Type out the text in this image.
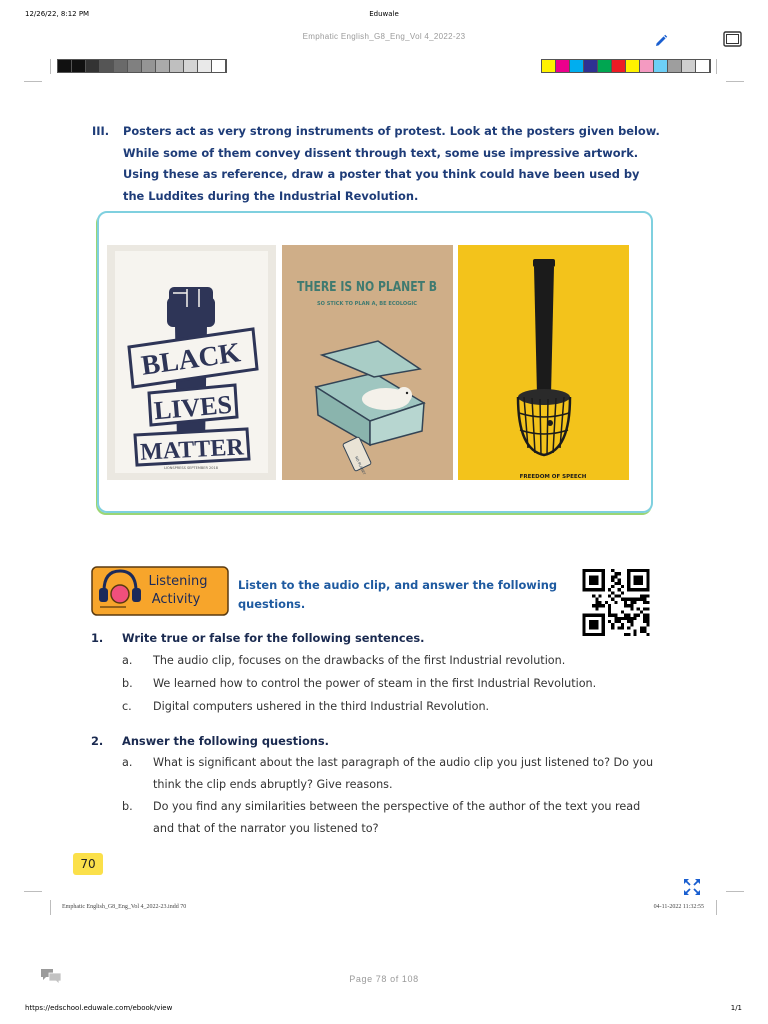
12/26/22, 8:12 PM	Eduwale
Emphatic English_G8_Eng_Vol 4_2022-23
III.	Posters act as very strong instruments of protest. Look at the posters given below. While some of them convey dissent through text, some use impressive artwork. Using these as reference, draw a poster that you think could have been used by the Luddites during the Industrial Revolution.
BLACK
LIVES
MATTER
LIONSPRESS SEPTEMBER 2018
THERE IS NO PLANET B
SO STICK TO PLAN A, BE ECOLOGIC
NO PLANET
FREEDOM OF SPEECH
Listening
Activity
Listen to the audio clip, and answer the following questions.
1. Write true or false for the following sentences.
a.	The audio clip, focuses on the drawbacks of the first Industrial revolution.
b.	We learned how to control the power of steam in the first Industrial Revolution.
c.	Digital computers ushered in the third Industrial Revolution.
2. Answer the following questions.
a.	What is significant about the last paragraph of the audio clip you just listened to? Do you think the clip ends abruptly? Give reasons.
b.	Do you find any similarities between the perspective of the author of the text you read and that of the narrator you listened to?
70
Emphatic English_G8_Eng_Vol 4_2022-23.indd 70	04-11-2022 11:32:55
Page 78 of 108
https://edschool.eduwale.com/ebook/view	1/1
